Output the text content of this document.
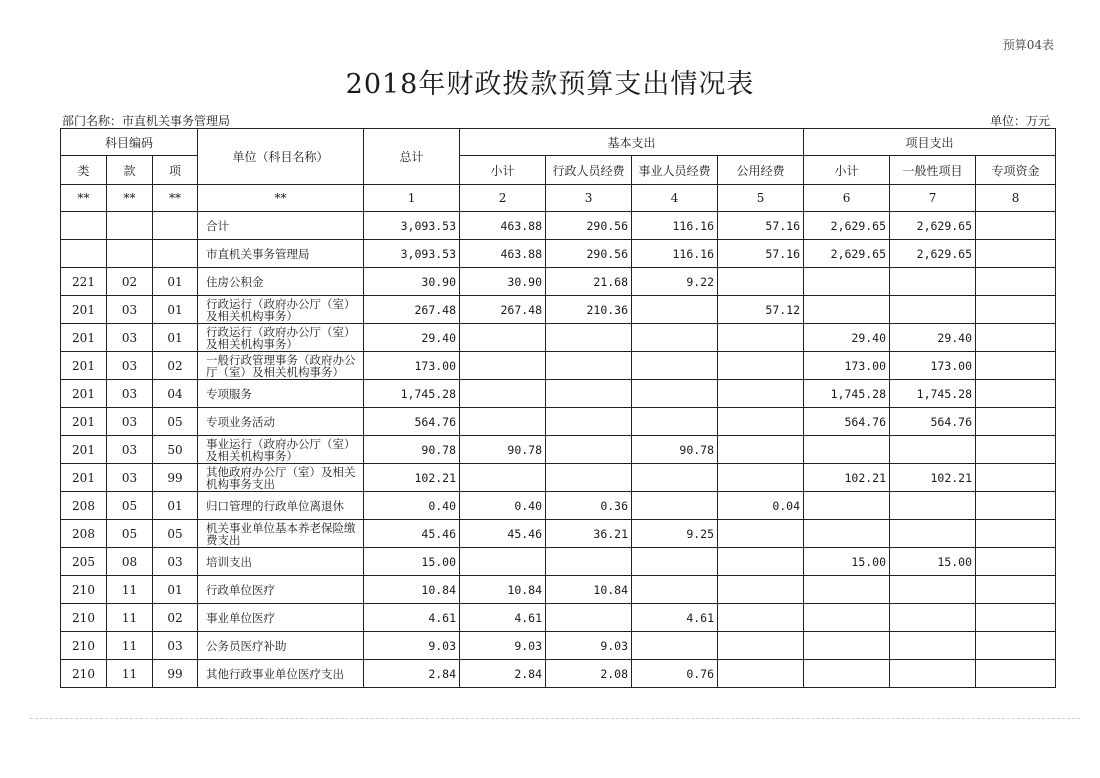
预算04表
2018年财政拨款预算支出情况表
部门名称：市直机关事务管理局	单位：万元
科目编码			单位（科目名称）	总计	基本支出				项目支出		
类	款	项			小计	行政人员经费	事业人员经费	公用经费	小计	一般性项目	专项资金
**	**	**	**	1	2	3	4	5	6	7	8
			合计	3,093.53	463.88	290.56	116.16	57.16	2,629.65	2,629.65	
			市直机关事务管理局	3,093.53	463.88	290.56	116.16	57.16	2,629.65	2,629.65	
221	02	01	住房公积金	30.90	30.90	21.68	9.22				
201	03	01	行政运行（政府办公厅（室）及相关机构事务）	267.48	267.48	210.36		57.12			
201	03	01	行政运行（政府办公厅（室）及相关机构事务）	29.40					29.40	29.40	
201	03	02	一般行政管理事务（政府办公厅（室）及相关机构事务）	173.00					173.00	173.00	
201	03	04	专项服务	1,745.28					1,745.28	1,745.28	
201	03	05	专项业务活动	564.76					564.76	564.76	
201	03	50	事业运行（政府办公厅（室）及相关机构事务）	90.78	90.78		90.78				
201	03	99	其他政府办公厅（室）及相关机构事务支出	102.21					102.21	102.21	
208	05	01	归口管理的行政单位离退休	0.40	0.40	0.36		0.04			
208	05	05	机关事业单位基本养老保险缴费支出	45.46	45.46	36.21	9.25				
205	08	03	培训支出	15.00					15.00	15.00	
210	11	01	行政单位医疗	10.84	10.84	10.84					
210	11	02	事业单位医疗	4.61	4.61		4.61				
210	11	03	公务员医疗补助	9.03	9.03	9.03					
210	11	99	其他行政事业单位医疗支出	2.84	2.84	2.08	0.76				
